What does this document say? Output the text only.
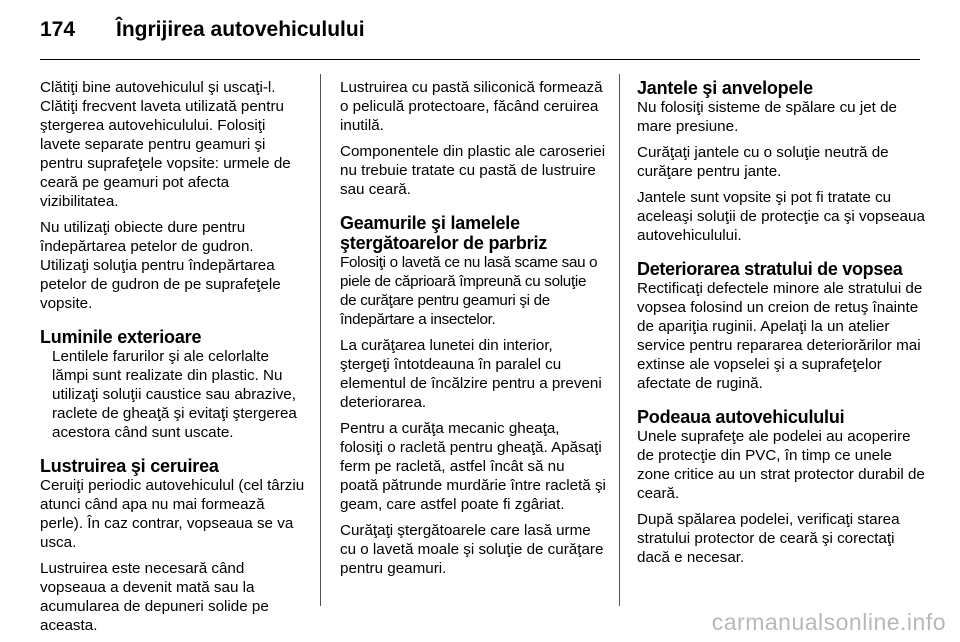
174	Îngrijirea autovehiculului

Clătiţi bine autovehiculul şi uscaţi-l. Clătiţi frecvent laveta utilizată pentru ştergerea autovehiculului. Folosiţi lavete separate pentru geamuri şi pentru suprafeţele vopsite: urmele de ceară pe geamuri pot afecta vizibilitatea.

Nu utilizaţi obiecte dure pentru îndepărtarea petelor de gudron. Utilizaţi soluţia pentru îndepărtarea petelor de gudron de pe suprafeţele vopsite.

Luminile exterioare

Lentilele farurilor şi ale celorlalte lămpi sunt realizate din plastic. Nu utilizaţi soluţii caustice sau abrazive, raclete de gheaţă şi evitaţi ştergerea acestora când sunt uscate.

Lustruirea şi ceruirea

Ceruiţi periodic autovehiculul (cel târziu atunci când apa nu mai formează perle). În caz contrar, vopseaua se va usca.

Lustruirea este necesară când vopseaua a devenit mată sau la acumularea de depuneri solide pe aceasta.

Lustruirea cu pastă siliconică formează o peliculă protectoare, făcând ceruirea inutilă.

Componentele din plastic ale caroseriei nu trebuie tratate cu pastă de lustruire sau ceară.

Geamurile şi lamelele ştergătoarelor de parbriz

Folosiţi o lavetă ce nu lasă scame sau o piele de căprioară împreună cu soluţie de curăţare pentru geamuri şi de îndepărtare a insectelor.

La curăţarea lunetei din interior, ştergeţi întotdeauna în paralel cu elementul de încălzire pentru a preveni deteriorarea.

Pentru a curăţa mecanic gheaţa, folosiţi o racletă pentru gheaţă. Apăsaţi ferm pe racletă, astfel încât să nu poată pătrunde murdărie între racletă şi geam, care astfel poate fi zgâriat.

Curăţaţi ştergătoarele care lasă urme cu o lavetă moale şi soluţie de curăţare pentru geamuri.

Jantele şi anvelopele

Nu folosiţi sisteme de spălare cu jet de mare presiune.

Curăţaţi jantele cu o soluţie neutră de curăţare pentru jante.

Jantele sunt vopsite şi pot fi tratate cu aceleaşi soluţii de protecţie ca şi vopseaua autovehiculului.

Deteriorarea stratului de vopsea

Rectificaţi defectele minore ale stratului de vopsea folosind un creion de retuş înainte de apariţia ruginii. Apelaţi la un atelier service pentru repararea deteriorărilor mai extinse ale vopselei şi a suprafeţelor afectate de rugină.

Podeaua autovehiculului

Unele suprafeţe ale podelei au acoperire de protecţie din PVC, în timp ce unele zone critice au un strat protector durabil de ceară.

După spălarea podelei, verificaţi starea stratului protector de ceară şi corectaţi dacă e necesar.

carmanualsonline.info
